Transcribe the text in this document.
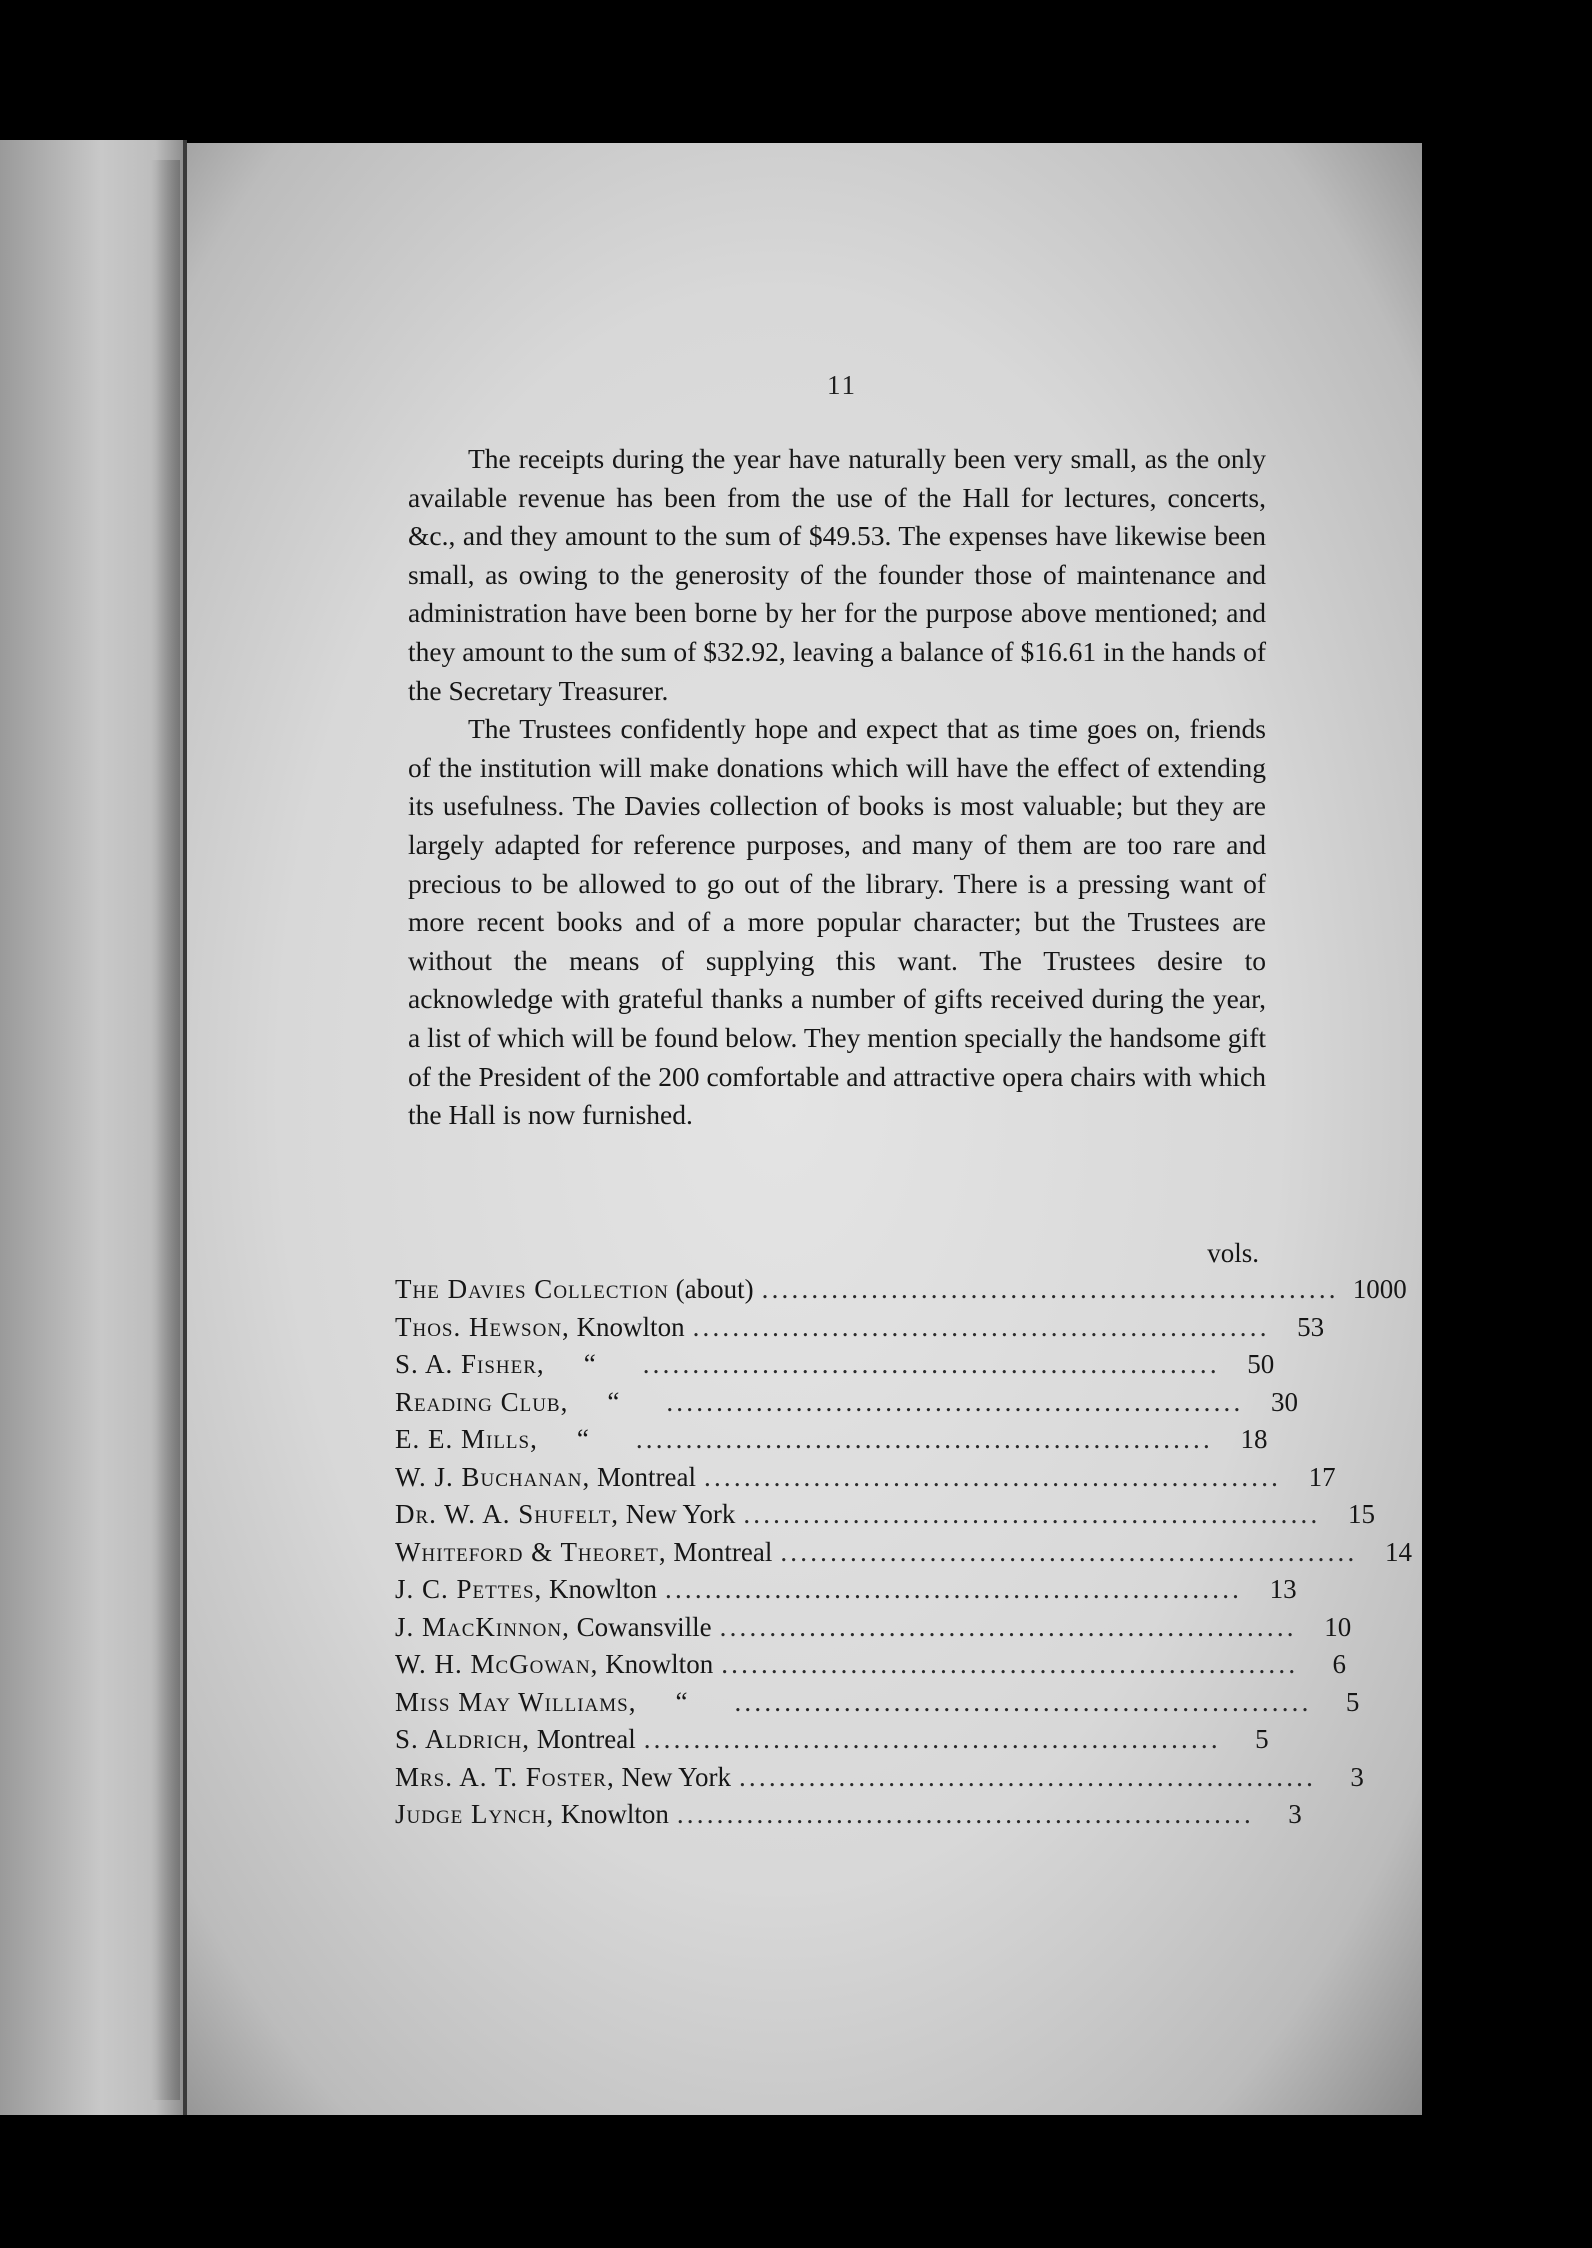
11

The receipts during the year have naturally been very small, as the only available revenue has been from the use of the Hall for lectures, concerts, &c., and they amount to the sum of $49.53. The expenses have likewise been small, as owing to the generosity of the founder those of maintenance and administration have been borne by her for the purpose above mentioned; and they amount to the sum of $32.92, leaving a balance of $16.61 in the hands of the Secretary Treasurer.

The Trustees confidently hope and expect that as time goes on, friends of the institution will make donations which will have the effect of extending its usefulness. The Davies collection of books is most valuable; but they are largely adapted for reference purposes, and many of them are too rare and precious to be allowed to go out of the library. There is a pressing want of more recent books and of a more popular character; but the Trustees are without the means of supplying this want. The Trustees desire to acknowledge with grateful thanks a number of gifts received during the year, a list of which will be found below. They mention specially the handsome gift of the President of the 200 comfortable and attractive opera chairs with which the Hall is now furnished.

vols.
The Davies Collection (about) .......................................................... 1000
Thos. Hewson, Knowlton ..........................................................	53
S. A. Fisher, “	..........................................................	50
Reading Club, “	..........................................................	30
E. E. Mills, “	..........................................................	18
W. J. Buchanan, Montreal ..........................................................	17
Dr. W. A. Shufelt, New York ..........................................................	15
Whiteford & Theoret, Montreal ..........................................................	14
J. C. Pettes, Knowlton ..........................................................	13
J. MacKinnon, Cowansville ..........................................................	10
W. H. McGowan, Knowlton ..........................................................	6
Miss May Williams, “	..........................................................	5
S. Aldrich, Montreal ..........................................................	5
Mrs. A. T. Foster, New York ..........................................................	3
Judge Lynch, Knowlton ..........................................................	3
